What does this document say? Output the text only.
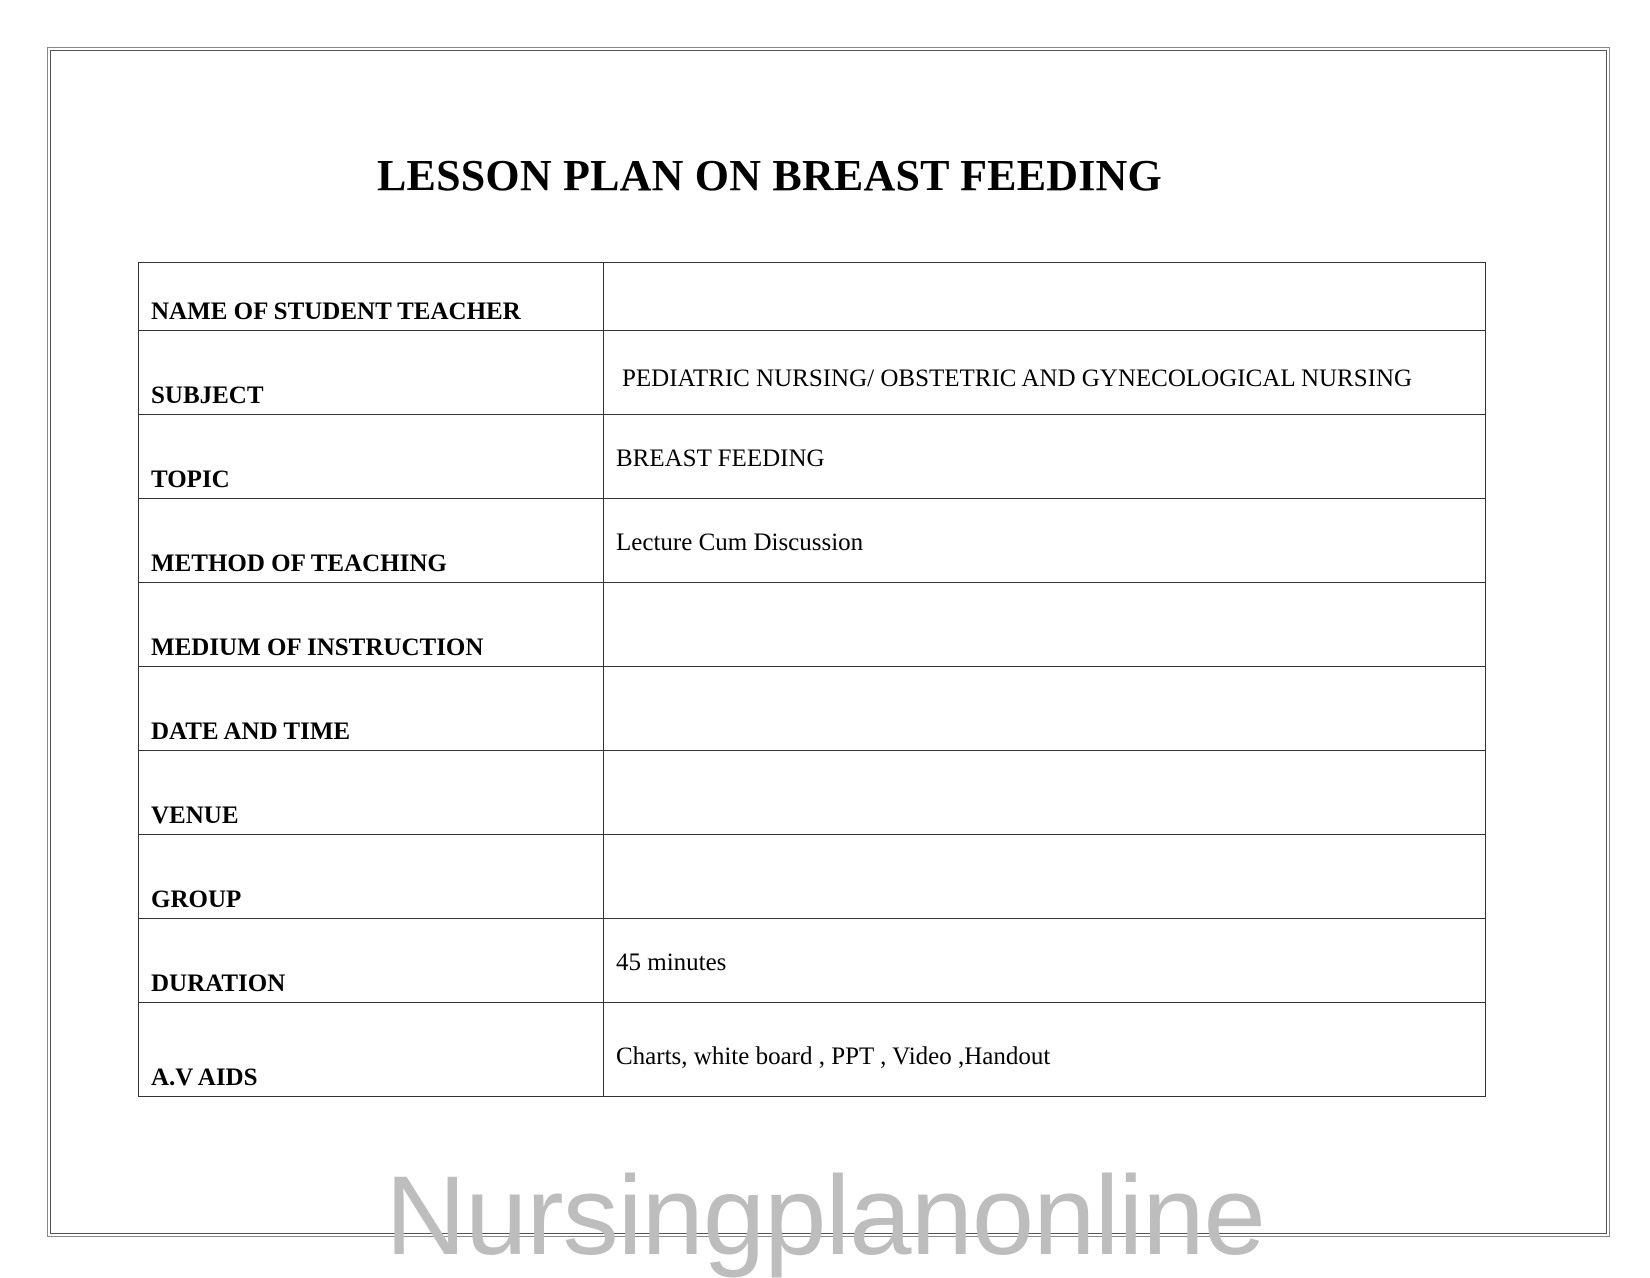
LESSON PLAN ON BREAST FEEDING
NAME OF STUDENT TEACHER	

SUBJECT	PEDIATRIC NURSING/ OBSTETRIC AND GYNECOLOGICAL NURSING

TOPIC	BREAST FEEDING

METHOD OF TEACHING	Lecture Cum Discussion

MEDIUM OF INSTRUCTION	

DATE AND TIME	

VENUE	

GROUP	

DURATION	45 minutes

A.V AIDS	Charts, white board , PPT , Video ,Handout
Nursingplanonline
